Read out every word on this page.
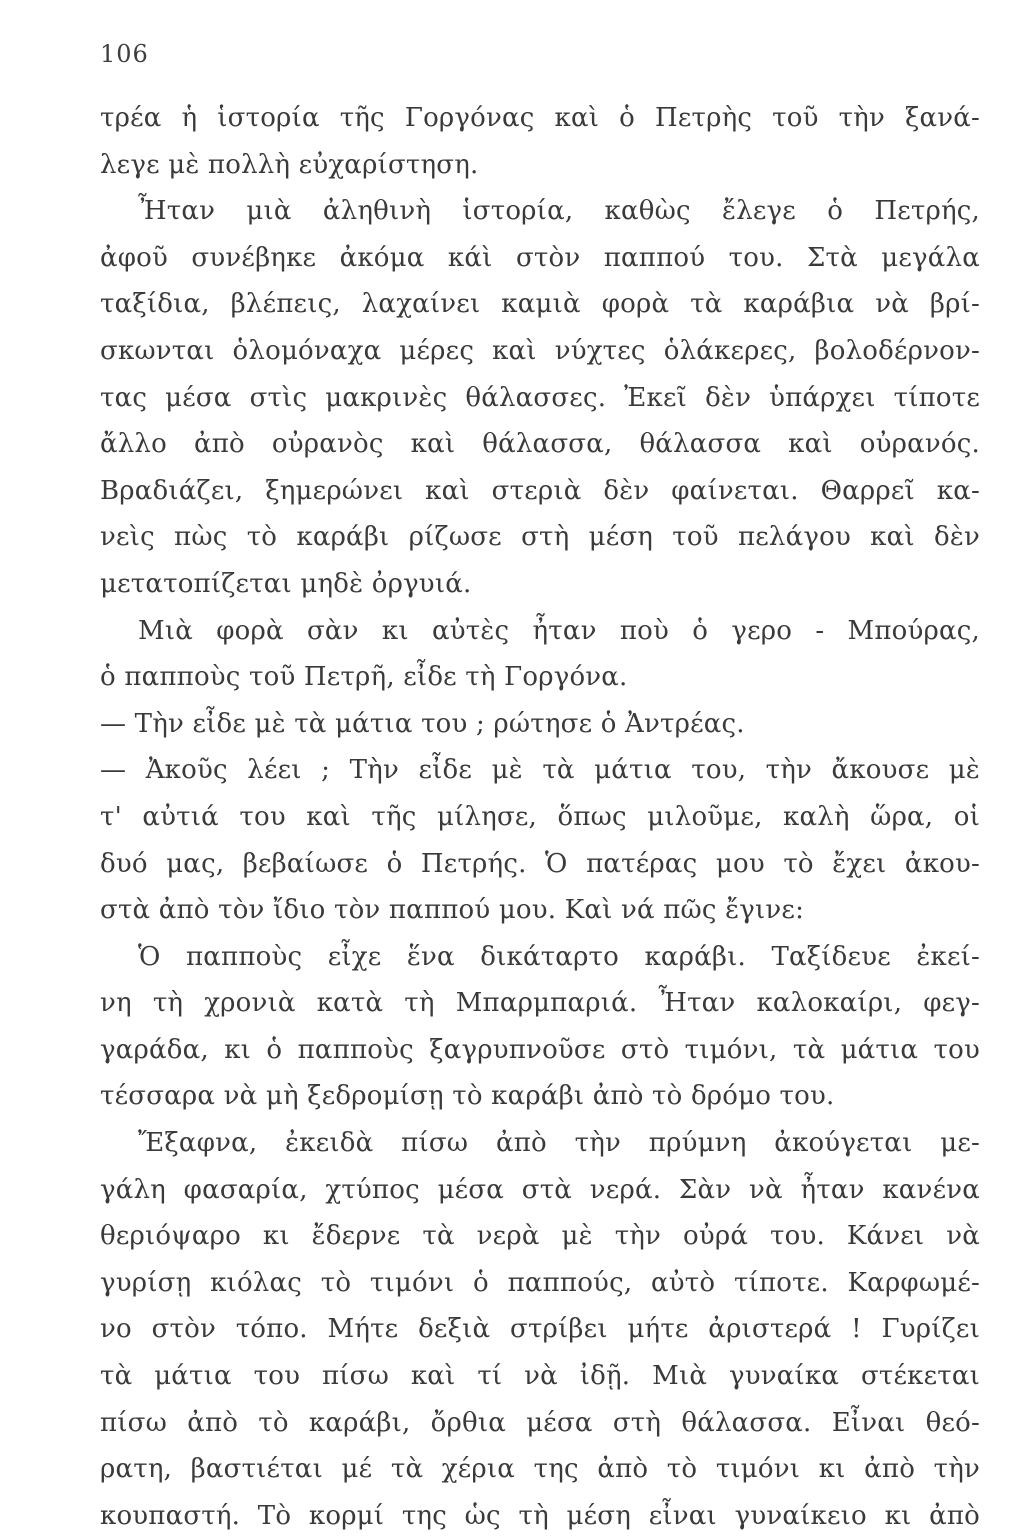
106
τρέα ἡ ἱστορία τῆς Γοργόνας καὶ ὁ Πετρὴς τοῦ τὴν ξανά-
λεγε μὲ πολλὴ εὐχαρίστηση.
Ἦταν μιὰ ἀληθινὴ ἱστορία, καθὼς ἔλεγε ὁ Πετρής,
ἀφοῦ συνέβηκε ἀκόμα κάὶ στὸν παππού του. Στὰ μεγάλα
ταξίδια, βλέπεις, λαχαίνει καμιὰ φορὰ τὰ καράβια νὰ βρί-
σκωνται ὁλομόναχα μέρες καὶ νύχτες ὁλάκερες, βολοδέρνον-
τας μέσα στὶς μακρινὲς θάλασσες. Ἐκεῖ δὲν ὑπάρχει τίποτε
ἄλλο ἀπὸ οὐρανὸς καὶ θάλασσα, θάλασσα καὶ οὐρανός.
Βραδιάζει, ξημερώνει καὶ στεριὰ δὲν φαίνεται. Θαρρεῖ κα-
νεὶς πὼς τὸ καράβι ρίζωσε στὴ μέση τοῦ πελάγου καὶ δὲν
μετατοπίζεται μηδὲ ὀργυιά.
Μιὰ φορὰ σὰν κι αὐτὲς ἦταν ποὺ ὁ γερο - Μπούρας,
ὁ παπποὺς τοῦ Πετρῆ, εἶδε τὴ Γοργόνα.
— Τὴν εἶδε μὲ τὰ μάτια του ; ρώτησε ὁ Ἀντρέας.
— Ἀκοῦς λέει ; Τὴν εἶδε μὲ τὰ μάτια του, τὴν ἄκουσε μὲ
τ' αὐτιά του καὶ τῆς μίλησε, ὅπως μιλοῦμε, καλὴ ὥρα, οἱ
δυό μας, βεβαίωσε ὁ Πετρής. Ὁ πατέρας μου τὸ ἔχει ἀκου-
στὰ ἀπὸ τὸν ἴδιο τὸν παππού μου. Καὶ νά πῶς ἔγινε:
Ὁ παπποὺς εἶχε ἕνα δικάταρτο καράβι. Ταξίδευε ἐκεί-
νη τὴ χρονιὰ κατὰ τὴ Μπαρμπαριά. Ἦταν καλοκαίρι, φεγ-
γαράδα, κι ὁ παπποὺς ξαγρυπνοῦσε στὸ τιμόνι, τὰ μάτια του
τέσσαρα νὰ μὴ ξεδρομίσῃ τὸ καράβι ἀπὸ τὸ δρόμο του.
Ἔξαφνα, ἐκειδὰ πίσω ἀπὸ τὴν πρύμνη ἀκούγεται με-
γάλη φασαρία, χτύπος μέσα στὰ νερά. Σὰν νὰ ἦταν κανένα
θεριόψαρο κι ἔδερνε τὰ νερὰ μὲ τὴν οὐρά του. Κάνει νὰ
γυρίσῃ κιόλας τὸ τιμόνι ὁ παππούς, αὐτὸ τίποτε. Καρφωμέ-
νο στὸν τόπο. Μήτε δεξιὰ στρίβει μήτε ἀριστερά ! Γυρίζει
τὰ μάτια του πίσω καὶ τί νὰ ἰδῇ. Μιὰ γυναίκα στέκεται
πίσω ἀπὸ τὸ καράβι, ὄρθια μέσα στὴ θάλασσα. Εἶναι θεό-
ρατη, βαστιέται μέ τὰ χέρια της ἀπὸ τὸ τιμόνι κι ἀπὸ τὴν
κουπαστή. Τὸ κορμί της ὡς τὴ μέση εἶναι γυναίκειο κι ἀπὸ
